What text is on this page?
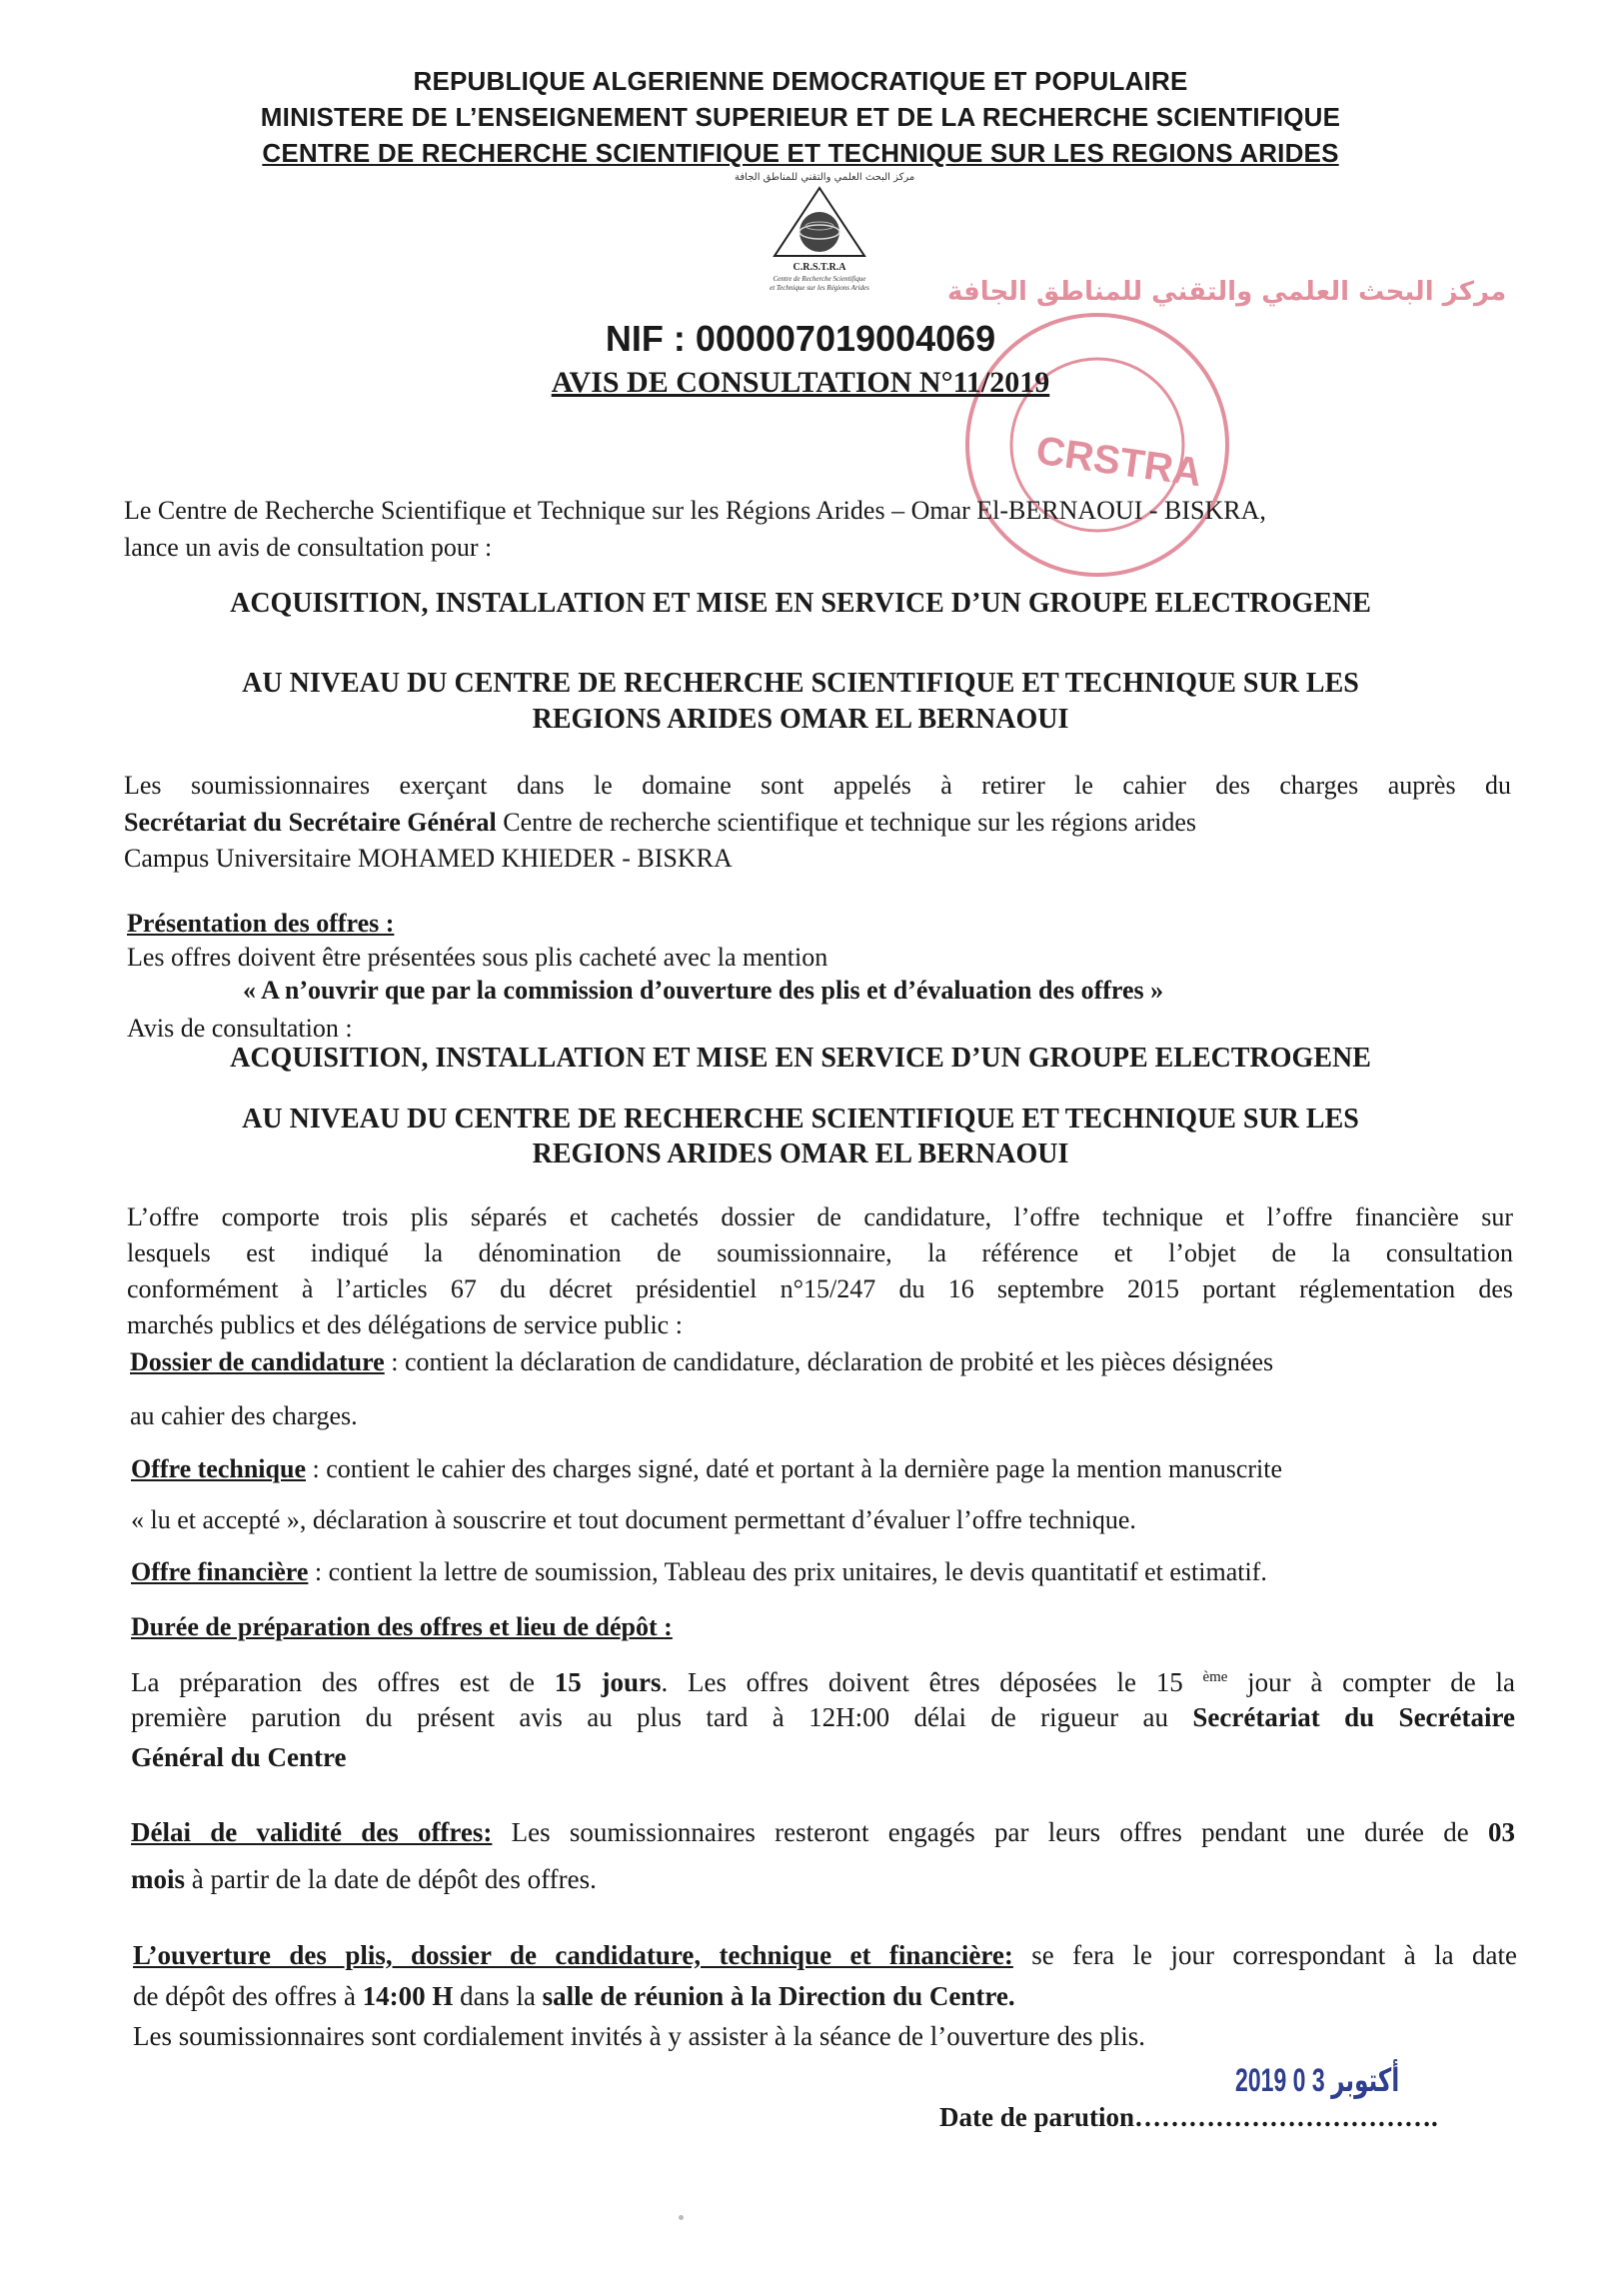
REPUBLIQUE ALGERIENNE DEMOCRATIQUE ET POPULAIRE
MINISTERE DE L’ENSEIGNEMENT SUPERIEUR ET DE LA RECHERCHE SCIENTIFIQUE
CENTRE DE RECHERCHE SCIENTIFIQUE ET TECHNIQUE SUR LES REGIONS ARIDES
مركز البحث العلمي والتقني للمناطق الجافة
C.R.S.T.R.A
Centre de Recherche Scientifique
et Technique sur les Régions Arides	مركز البحث العلمي والتقني للمناطق الجافة
CRSTRA
NIF : 000007019004069
AVIS DE CONSULTATION N°11/2019
Le Centre de Recherche Scientifique et Technique sur les Régions Arides – Omar El-BERNAOUI - BISKRA,
lance un avis de consultation pour :
ACQUISITION, INSTALLATION ET MISE EN SERVICE D’UN GROUPE ELECTROGENE
AU NIVEAU DU CENTRE DE RECHERCHE SCIENTIFIQUE ET TECHNIQUE SUR LES
REGIONS ARIDES OMAR EL BERNAOUI
Les soumissionnaires exerçant dans le domaine sont appelés à retirer le cahier des charges auprès du
Secrétariat du Secrétaire Général Centre de recherche scientifique et technique sur les régions arides
Campus Universitaire MOHAMED KHIEDER - BISKRA
Présentation des offres :
Les offres doivent être présentées sous plis cacheté avec la mention
« A n’ouvrir que par la commission d’ouverture des plis et d’évaluation des offres »
Avis de consultation :
ACQUISITION, INSTALLATION ET MISE EN SERVICE D’UN GROUPE ELECTROGENE
AU NIVEAU DU CENTRE DE RECHERCHE SCIENTIFIQUE ET TECHNIQUE SUR LES
REGIONS ARIDES OMAR EL BERNAOUI
L’offre comporte trois plis séparés et cachetés dossier de candidature, l’offre technique et l’offre financière sur
lesquels est indiqué la dénomination de soumissionnaire, la référence et l’objet de la consultation
conformément à l’articles 67 du décret présidentiel n°15/247 du 16 septembre 2015 portant réglementation des
marchés publics et des délégations de service public :
Dossier de candidature : contient la déclaration de candidature, déclaration de probité et les pièces désignées
au cahier des charges.
Offre technique : contient le cahier des charges signé, daté et portant à la dernière page la mention manuscrite
« lu et accepté », déclaration à souscrire et tout document permettant d’évaluer l’offre technique.
Offre financière : contient la lettre de soumission, Tableau des prix unitaires, le devis quantitatif et estimatif.
Durée de préparation des offres et lieu de dépôt :
La préparation des offres est de 15 jours. Les offres doivent êtres déposées le 15 $^{ème}$ jour à compter de la
première parution du présent avis au plus tard à 12H:00 délai de rigueur au Secrétariat du Secrétaire
Général du Centre
Délai de validité des offres: Les soumissionnaires resteront engagés par leurs offres pendant une durée de 03
mois à partir de la date de dépôt des offres.
L’ouverture des plis, dossier de candidature, technique et financière: se fera le jour correspondant à la date
de dépôt des offres à 14:00 H dans la salle de réunion à la Direction du Centre.
Les soumissionnaires sont cordialement invités à y assister à la séance de l’ouverture des plis.
2019 أكتوبر 3 0
Date de parution…………………………….
